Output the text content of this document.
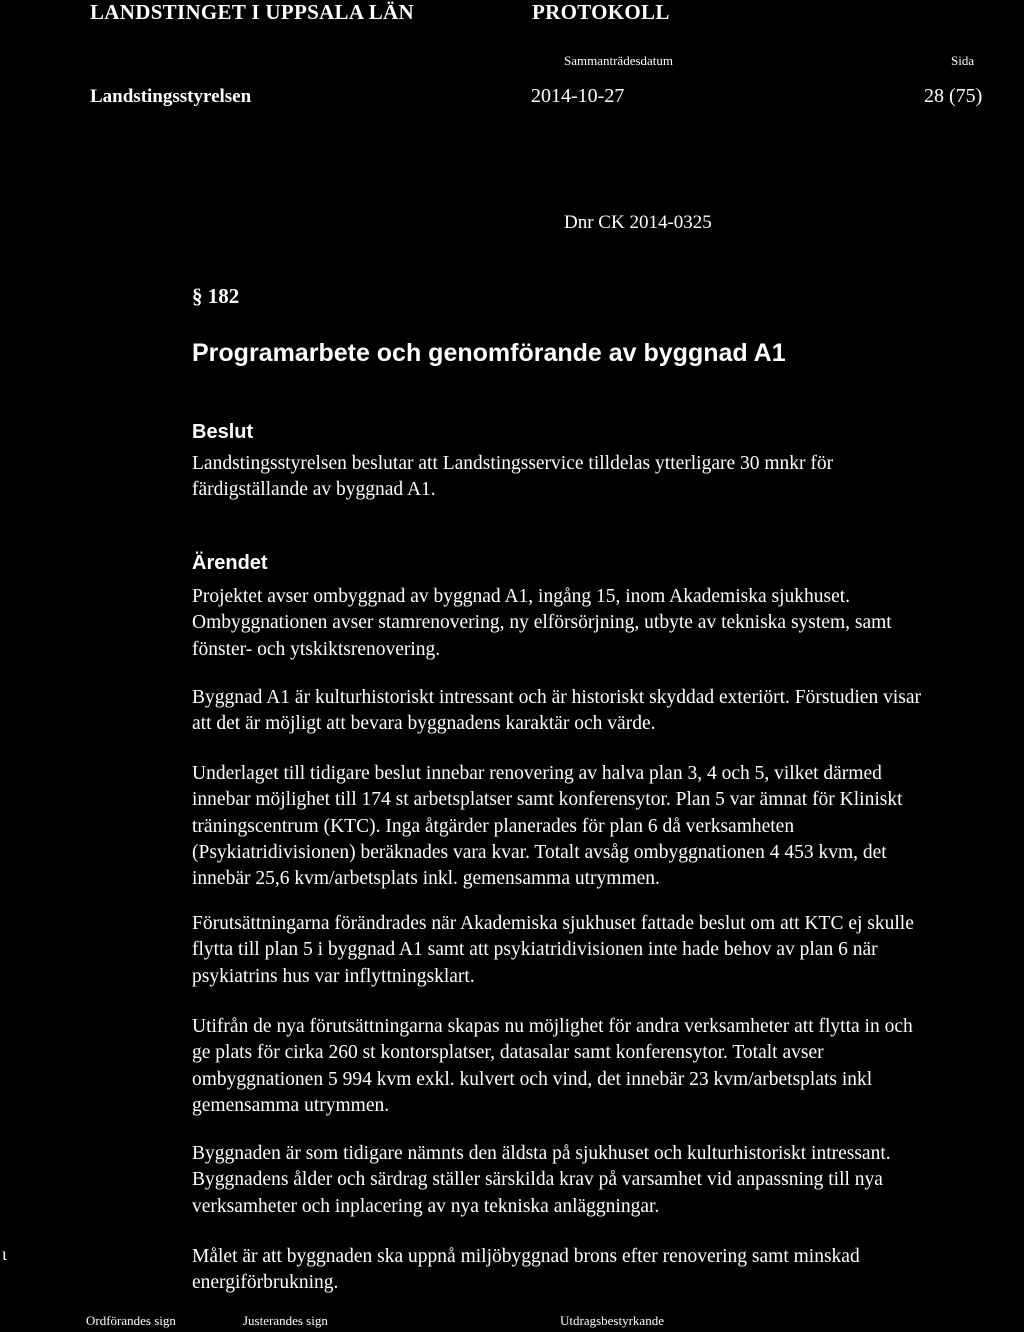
LANDSTINGET I UPPSALA LÄN	PROTOKOLL
Sammanträdesdatum	Sida
Landstingsstyrelsen	2014-10-27	28 (75)
Dnr CK 2014-0325
§ 182
Programarbete och genomförande av byggnad A1
Beslut
Landstingsstyrelsen beslutar att Landstingsservice tilldelas ytterligare 30 mnkr för
färdigställande av byggnad A1.
Ärendet
Projektet avser ombyggnad av byggnad A1, ingång 15, inom Akademiska sjukhuset.
Ombyggnationen avser stamrenovering, ny elförsörjning, utbyte av tekniska system, samt
fönster- och ytskiktsrenovering.
Byggnad A1 är kulturhistoriskt intressant och är historiskt skyddad exteriört. Förstudien visar
att det är möjligt att bevara byggnadens karaktär och värde.
Underlaget till tidigare beslut innebar renovering av halva plan 3, 4 och 5, vilket därmed
innebar möjlighet till 174 st arbetsplatser samt konferensytor. Plan 5 var ämnat för Kliniskt
träningscentrum (KTC). Inga åtgärder planerades för plan 6 då verksamheten
(Psykiatridivisionen) beräknades vara kvar. Totalt avsåg ombyggnationen 4 453 kvm, det
innebär 25,6 kvm/arbetsplats inkl. gemensamma utrymmen.
Förutsättningarna förändrades när Akademiska sjukhuset fattade beslut om att KTC ej skulle
flytta till plan 5 i byggnad A1 samt att psykiatridivisionen inte hade behov av plan 6 när
psykiatrins hus var inflyttningsklart.
Utifrån de nya förutsättningarna skapas nu möjlighet för andra verksamheter att flytta in och
ge plats för cirka 260 st kontorsplatser, datasalar samt konferensytor. Totalt avser
ombyggnationen 5 994 kvm exkl. kulvert och vind, det innebär 23 kvm/arbetsplats inkl
gemensamma utrymmen.
Byggnaden är som tidigare nämnts den äldsta på sjukhuset och kulturhistoriskt intressant.
Byggnadens ålder och särdrag ställer särskilda krav på varsamhet vid anpassning till nya
verksamheter och inplacering av nya tekniska anläggningar.
Målet är att byggnaden ska uppnå miljöbyggnad brons efter renovering samt minskad
energiförbrukning.
ι
Ordförandes sign	Justerandes sign	Utdragsbestyrkande
